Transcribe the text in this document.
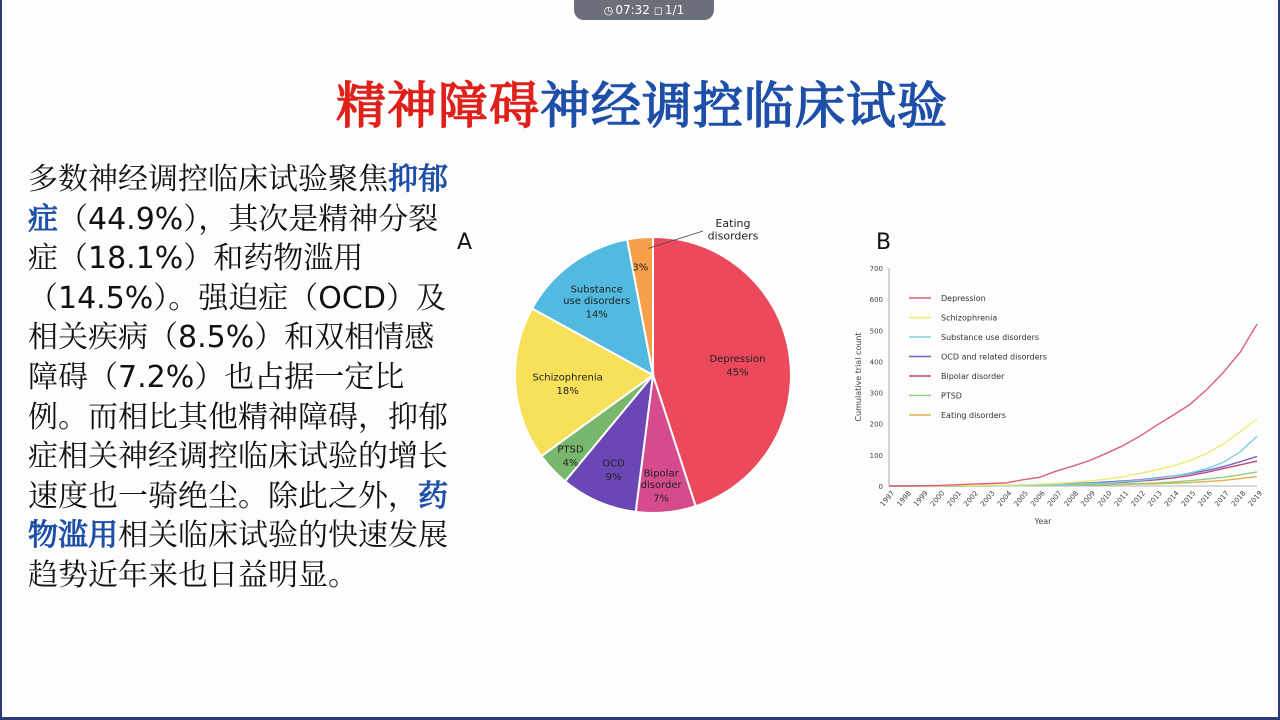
◷ 07:32 ◻ 1/1
精神障碍神经调控临床试验
多数神经调控临床试验聚焦抑郁症（44.9%），其次是精神分裂症（18.1%）和药物滥用（14.5%）。强迫症（OCD）及相关疾病（8.5%）和双相情感障碍（7.2%）也占据一定比例。而相比其他精神障碍，抑郁症相关神经调控临床试验的增长速度也一骑绝尘。除此之外，药物滥用相关临床试验的快速发展趋势近年来也日益明显。
A	B
Depression
45%
Bipolar disorder
7%
OCD
9%
PTSD
4%
Schizophrenia
18%
Substance use disorders
14%
3%
Eating disorders
0
100
200
300
400
500
600
700
1997 1998 1999 2000 2001 2002 2003 2004 2005 2006 2007 2008 2009 2010 2011 2012 2013 2014 2015 2016 2017 2018 2019
Year
Cumulative trial count
Depression
Schizophrenia
Substance use disorders
OCD and related disorders
Bipolar disorder
PTSD
Eating disorders
